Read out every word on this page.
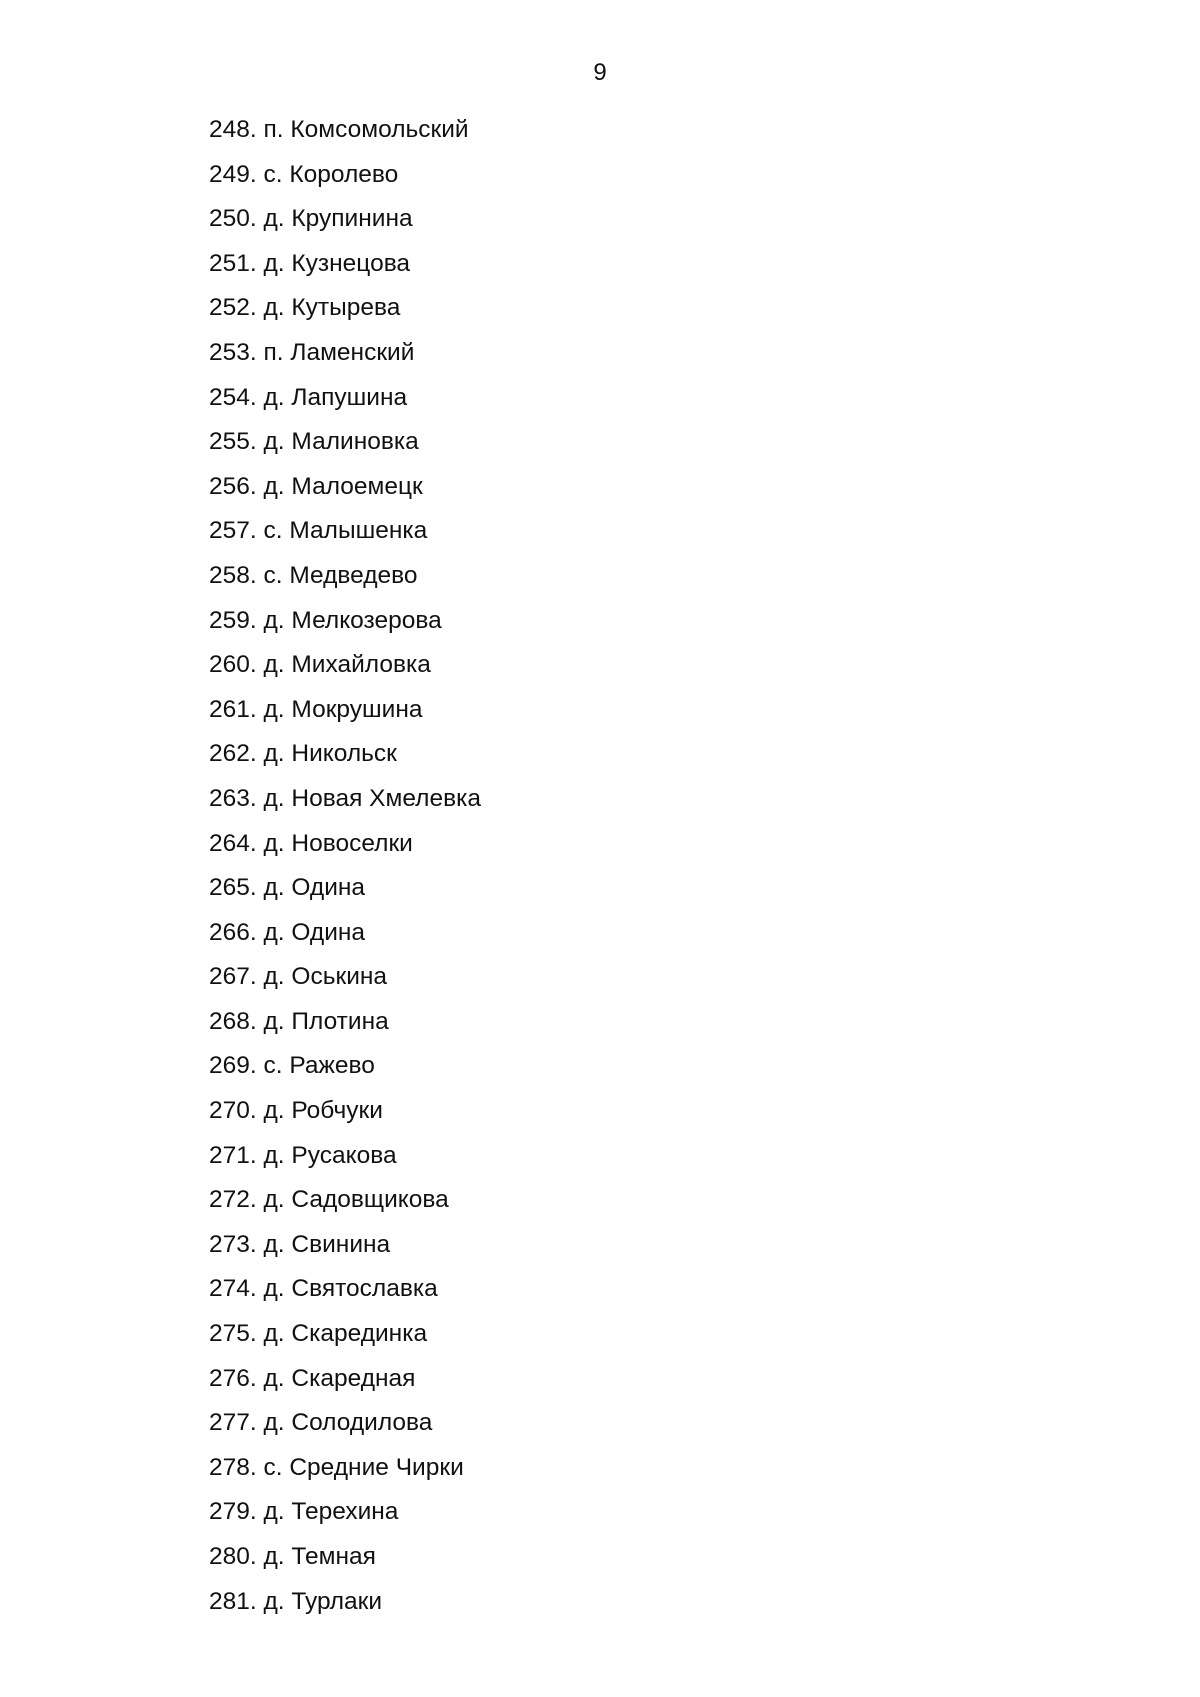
9
248. п. Комсомольский
249. с. Королево
250. д. Крупинина
251. д. Кузнецова
252. д. Кутырева
253. п. Ламенский
254. д. Лапушина
255. д. Малиновка
256. д. Малоемецк
257. с. Малышенка
258. с. Медведево
259. д. Мелкозерова
260. д. Михайловка
261. д. Мокрушина
262. д. Никольск
263. д. Новая Хмелевка
264. д. Новоселки
265. д. Одина
266. д. Одина
267. д. Оськина
268. д. Плотина
269. с. Ражево
270. д. Робчуки
271. д. Русакова
272. д. Садовщикова
273. д. Свинина
274. д. Святославка
275. д. Скарединка
276. д. Скаредная
277. д. Солодилова
278. с. Средние Чирки
279. д. Терехина
280. д. Темная
281. д. Турлаки
